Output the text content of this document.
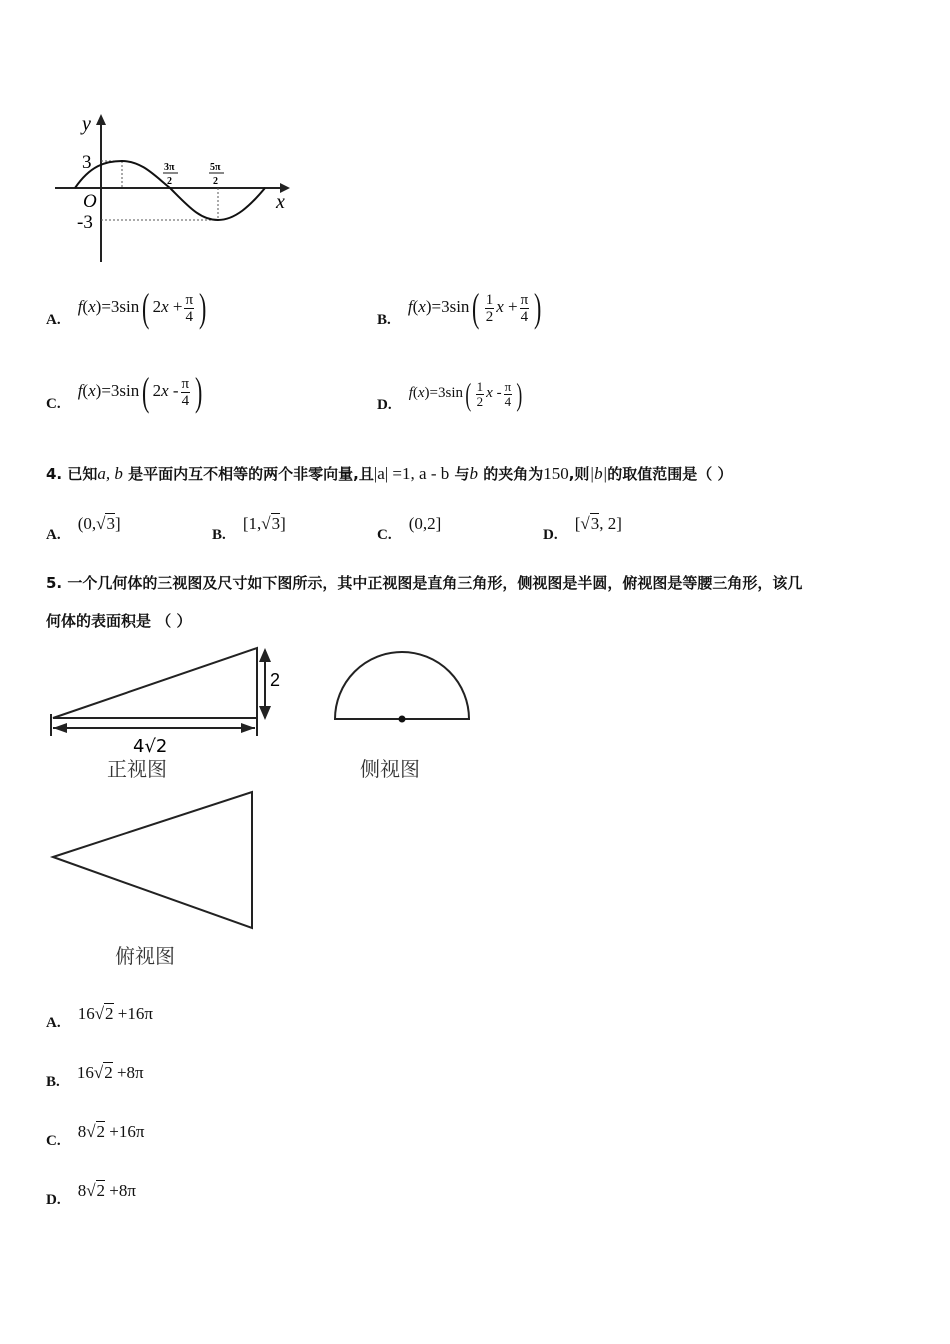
y
x
O
3
-3
3π
2
5π
2
A. f(x)=3sin( $2x + \frac{\pi}{4}$ )	B. $f(x)=3\sin( \frac{1}{2}$ $x + \frac{\pi}{4}$ )
C. f(x)=3sin( $2x - \frac{\pi}{4}$ )	D. $f(x)=3\sin( \frac{1}{2}$ x - $\frac{\pi}{4}$ )
4. 已知a, b 是平面内互不相等的两个非零向量,且|a| =1, a - b 与b 的夹角为150,则|b|的取值范围是（ ）
A. (0,√3]
B. [1,√3]
C. (0,2]
D. [√3, 2]
5. 一个几何体的三视图及尺寸如下图所示，其中正视图是直角三角形，侧视图是半圆，俯视图是等腰三角形，该几
何体的表面积是 （ ）
2
4√2
正视图	侧视图
俯视图
A. 16√2 +16π
B. 16√2 +8π
C. 8√2 +16π
D. 8√2 +8π
